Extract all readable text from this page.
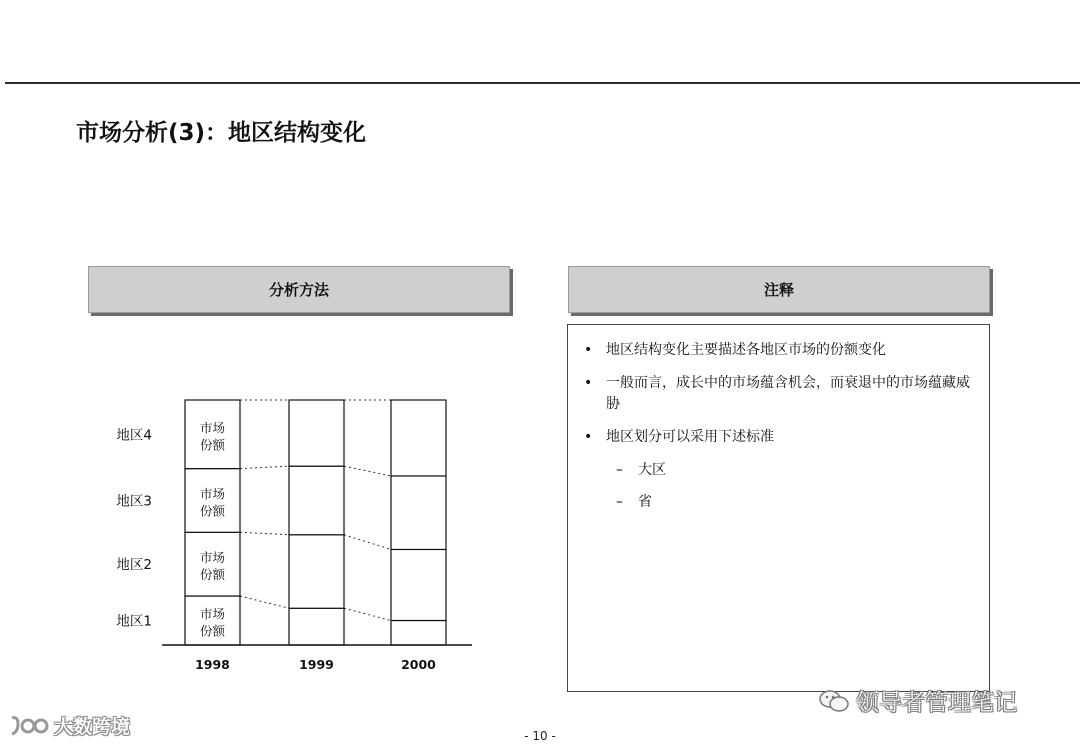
市场分析(3)：地区结构变化
分析方法	注释
市场
份额
市场
份额
市场
份额
市场
份额
1998	1999	2000
地区1
地区2
地区3
地区4
• 地区结构变化主要描述各地区市场的份额变化
• 一般而言，成长中的市场蕴含机会，而衰退中的市场蕴藏威胁
• 地区划分可以采用下述标准
– 大区
– 省
- 10 -
大数跨境
领导者管理笔记
